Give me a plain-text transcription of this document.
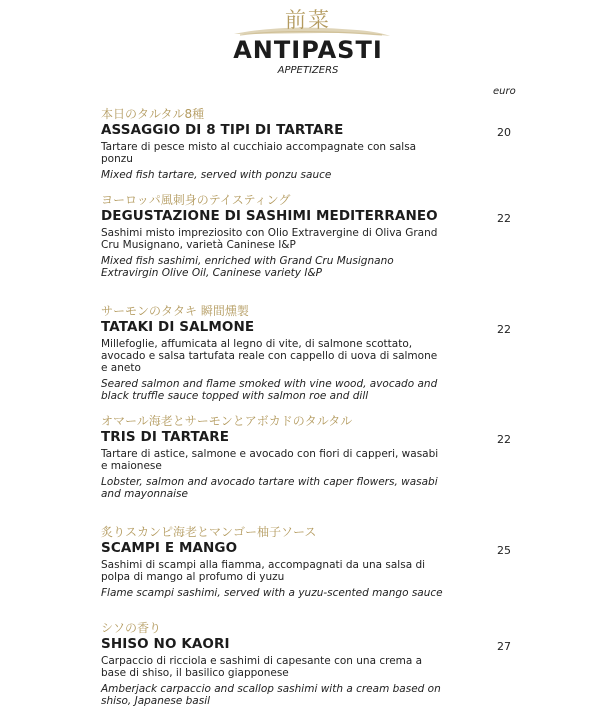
前菜
ANTIPASTI
APPETIZERS
euro
本日のタルタル8種
ASSAGGIO DI 8 TIPI DI TARTARE	20
Tartare di pesce misto al cucchiaio accompagnate con salsa ponzu
Mixed fish tartare, served with ponzu sauce
ヨーロッパ風刺身のテイスティング
DEGUSTAZIONE DI SASHIMI MEDITERRANEO	22
Sashimi misto impreziosito con Olio Extravergine di Oliva Grand Cru Musignano, varietà Caninese I&P
Mixed fish sashimi, enriched with Grand Cru Musignano Extravirgin Olive Oil, Caninese variety I&P
サーモンのタタキ 瞬間燻製
TATAKI DI SALMONE	22
Millefoglie, affumicata al legno di vite, di salmone scottato, avocado e salsa tartufata reale con cappello di uova di salmone e aneto
Seared salmon and flame smoked with vine wood, avocado and black truffle sauce topped with salmon roe and dill
オマール海老とサーモンとアボカドのタルタル
TRIS DI TARTARE	22
Tartare di astice, salmone e avocado con fiori di capperi, wasabi e maionese
Lobster, salmon and avocado tartare with caper flowers, wasabi and mayonnaise
炙りスカンピ海老とマンゴー柚子ソース
SCAMPI E MANGO	25
Sashimi di scampi alla fiamma, accompagnati da una salsa di polpa di mango al profumo di yuzu
Flame scampi sashimi, served with a yuzu-scented mango sauce
シソの香り
SHISO NO KAORI	27
Carpaccio di ricciola e sashimi di capesante con una crema a base di shiso, il basilico giapponese
Amberjack carpaccio and scallop sashimi with a cream based on shiso, Japanese basil
